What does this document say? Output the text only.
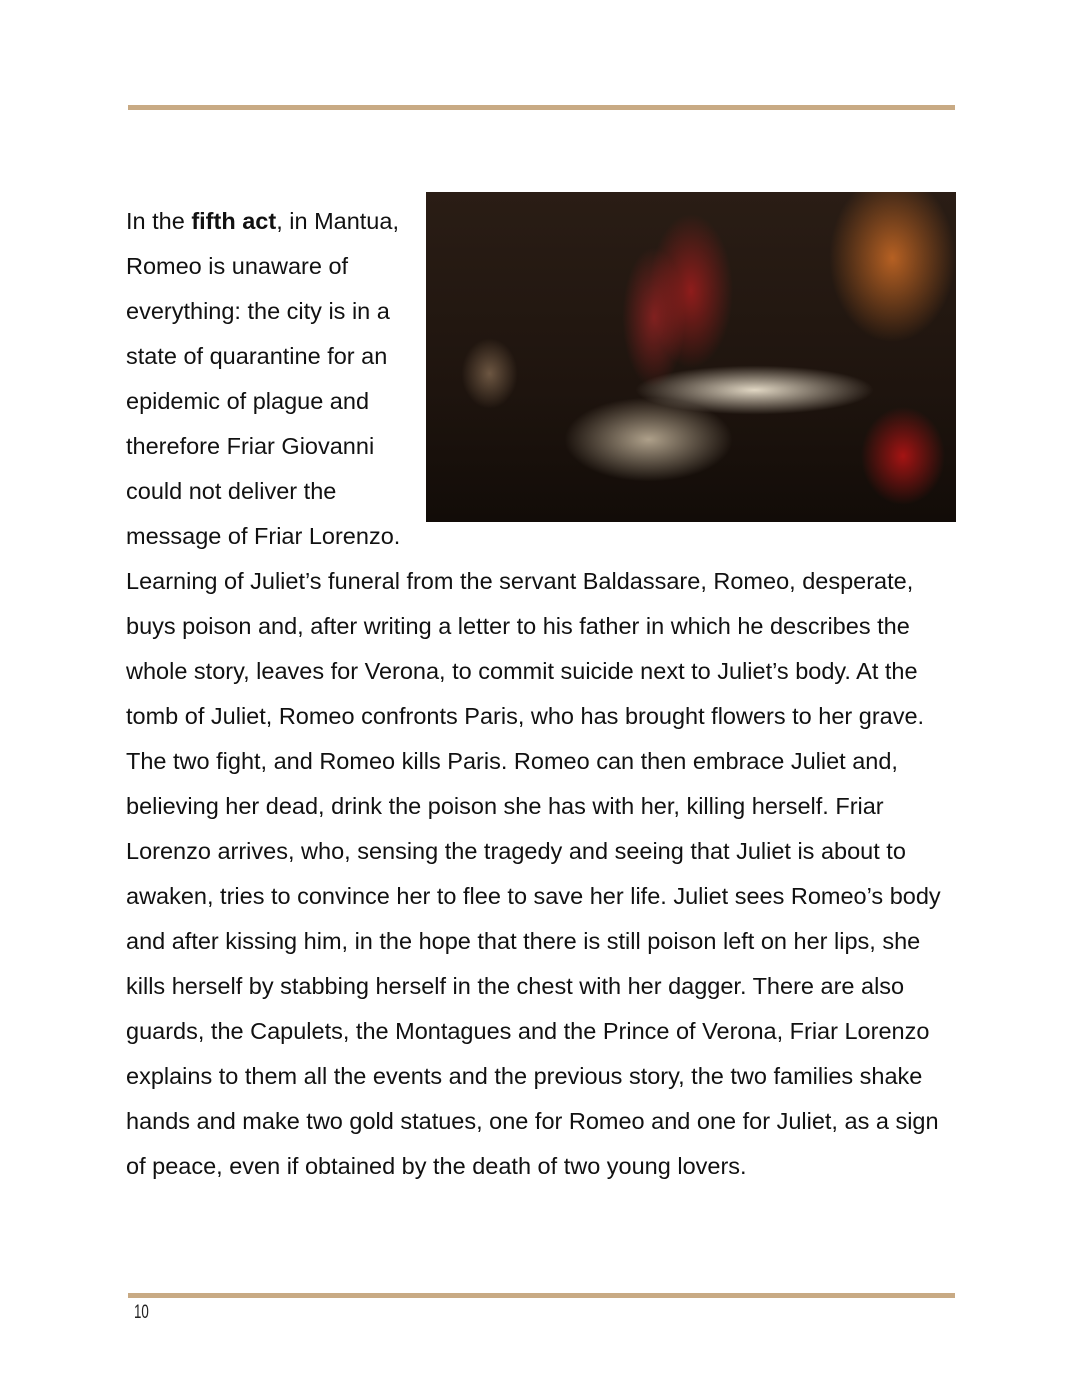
In the fifth act, in Mantua, Romeo is unaware of everything: the city is in a state of quarantine for an epidemic of plague and therefore Friar Giovanni could not deliver the message of Friar Lorenzo. Learning of Juliet’s funeral from the servant Baldassare, Romeo, desperate, buys poison and, after writing a letter to his father in which he describes the whole story, leaves for Verona, to commit suicide next to Juliet’s body. At the tomb of Juliet, Romeo confronts Paris, who has brought flowers to her grave. The two fight, and Romeo kills Paris. Romeo can then embrace Juliet and, believing her dead, drink the poison she has with her, killing herself. Friar Lorenzo arrives, who, sensing the tragedy and seeing that Juliet is about to awaken, tries to convince her to flee to save her life. Juliet sees Romeo’s body and after kissing him, in the hope that there is still poison left on her lips, she kills herself by stabbing herself in the chest with her dagger. There are also guards, the Capulets, the Montagues and the Prince of Verona, Friar Lorenzo explains to them all the events and the previous story, the two families shake hands and make two gold statues, one for Romeo and one for Juliet, as a sign of peace, even if obtained by the death of two young lovers.
10
